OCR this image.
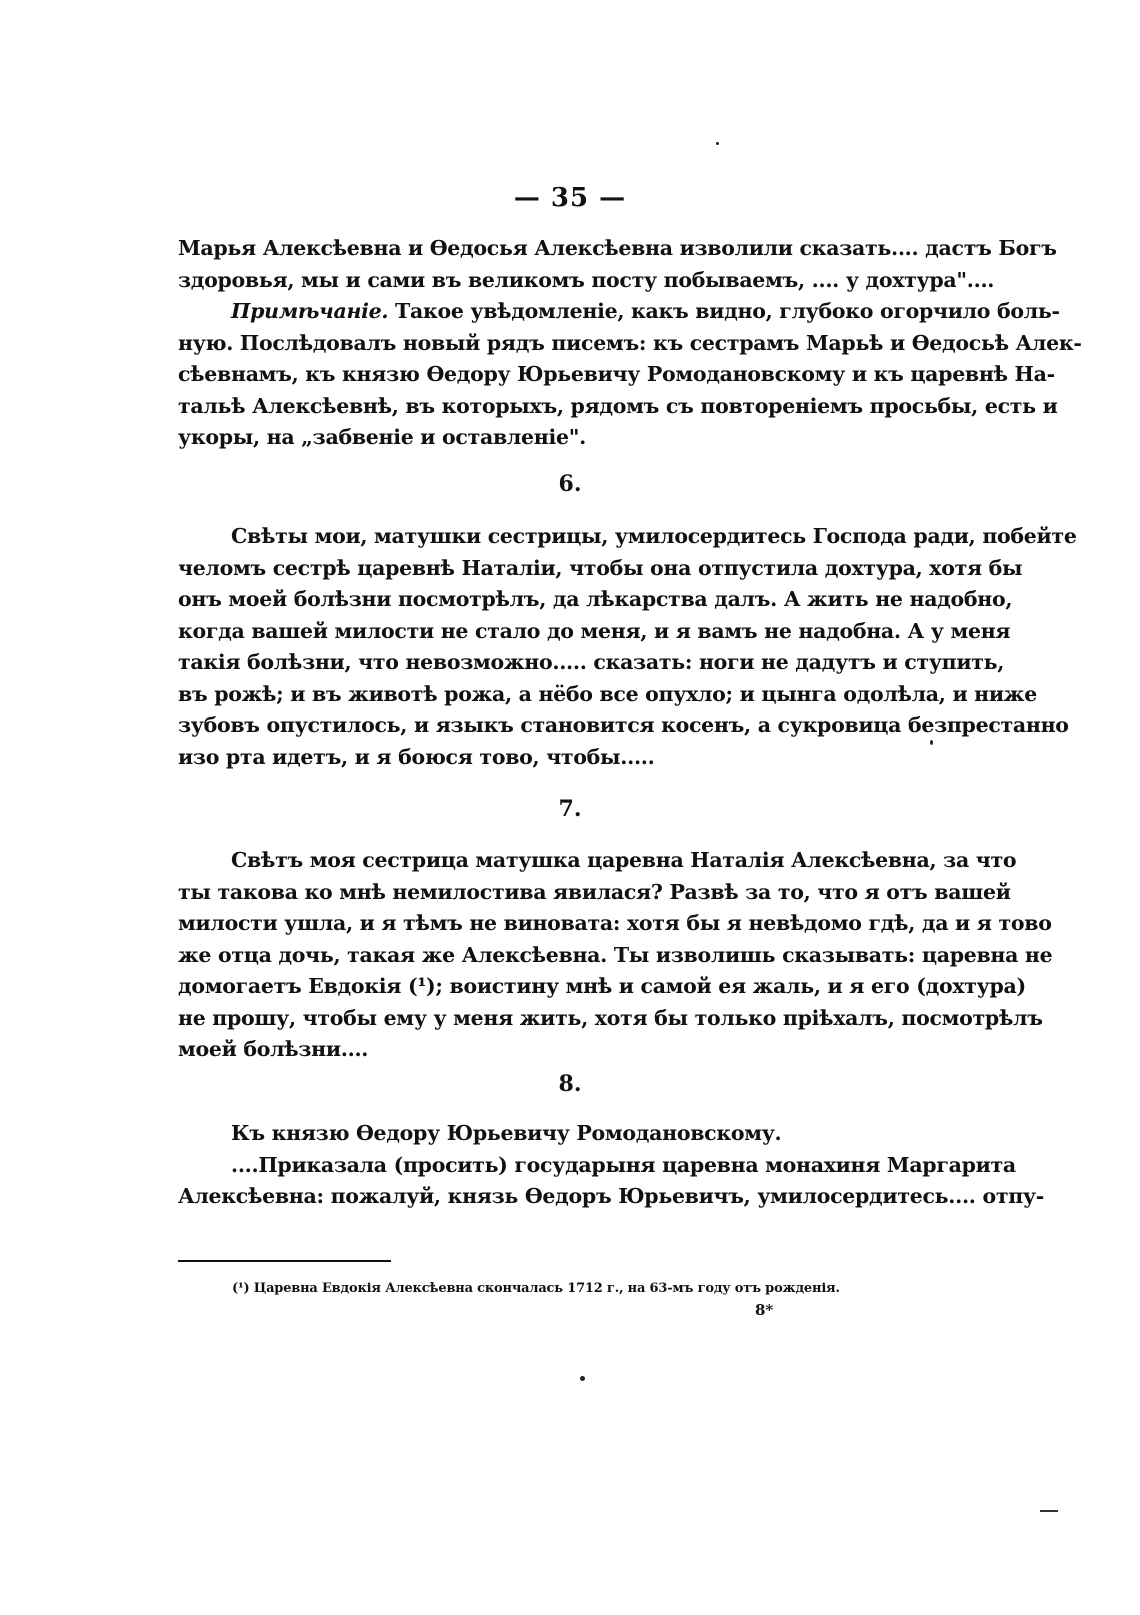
— 35 —
Марья Алексѣевна и Ѳедосья Алексѣевна изволили сказать.... дастъ Богъ
здоровья, мы и сами въ великомъ посту побываемъ, .... у дохтура"....
Примѣчаніе. Такое увѣдомленіе, какъ видно, глубоко огорчило боль-
ную. Послѣдовалъ новый рядъ писемъ: къ сестрамъ Марьѣ и Ѳедосьѣ Алек-
сѣевнамъ, къ князю Ѳедору Юрьевичу Ромодановскому и къ царевнѣ На-
тальѣ Алексѣевнѣ, въ которыхъ, рядомъ съ повтореніемъ просьбы, есть и
укоры, на „забвеніе и оставленіе".
6.
Свѣты мои, матушки сестрицы, умилосердитесь Господа ради, побейте
челомъ сестрѣ царевнѣ Наталіи, чтобы она отпустила дохтура, хотя бы
онъ моей болѣзни посмотрѣлъ, да лѣкарства далъ. А жить не надобно,
когда вашей милости не стало до меня, и я вамъ не надобна. А у меня
такія болѣзни, что невозможно..... сказать: ноги не дадутъ и ступить,
въ рожѣ; и въ животѣ рожа, а нёбо все опухло; и цынга одолѣла, и ниже
зубовъ опустилось, и языкъ становится косенъ, а сукровица безпрестанно
изо рта идетъ, и я боюся тово, чтобы.....
7.
Свѣтъ моя сестрица матушка царевна Наталія Алексѣевна, за что
ты такова ко мнѣ немилостива явилася? Развѣ за то, что я отъ вашей
милости ушла, и я тѣмъ не виновата: хотя бы я невѣдомо гдѣ, да и я тово
же отца дочь, такая же Алексѣевна. Ты изволишь сказывать: царевна не
домогаетъ Евдокія (¹); воистину мнѣ и самой ея жаль, и я его (дохтура)
не прошу, чтобы ему у меня жить, хотя бы только пріѣхалъ, посмотрѣлъ
моей болѣзни....
8.
Къ князю Ѳедору Юрьевичу Ромодановскому.
....Приказала (просить) государыня царевна монахиня Маргарита
Алексѣевна: пожалуй, князь Ѳедоръ Юрьевичъ, умилосердитесь.... отпу-
(¹) Царевна Евдокія Алексѣевна скончалась 1712 г., на 63-мъ году отъ рожденія.
8*
